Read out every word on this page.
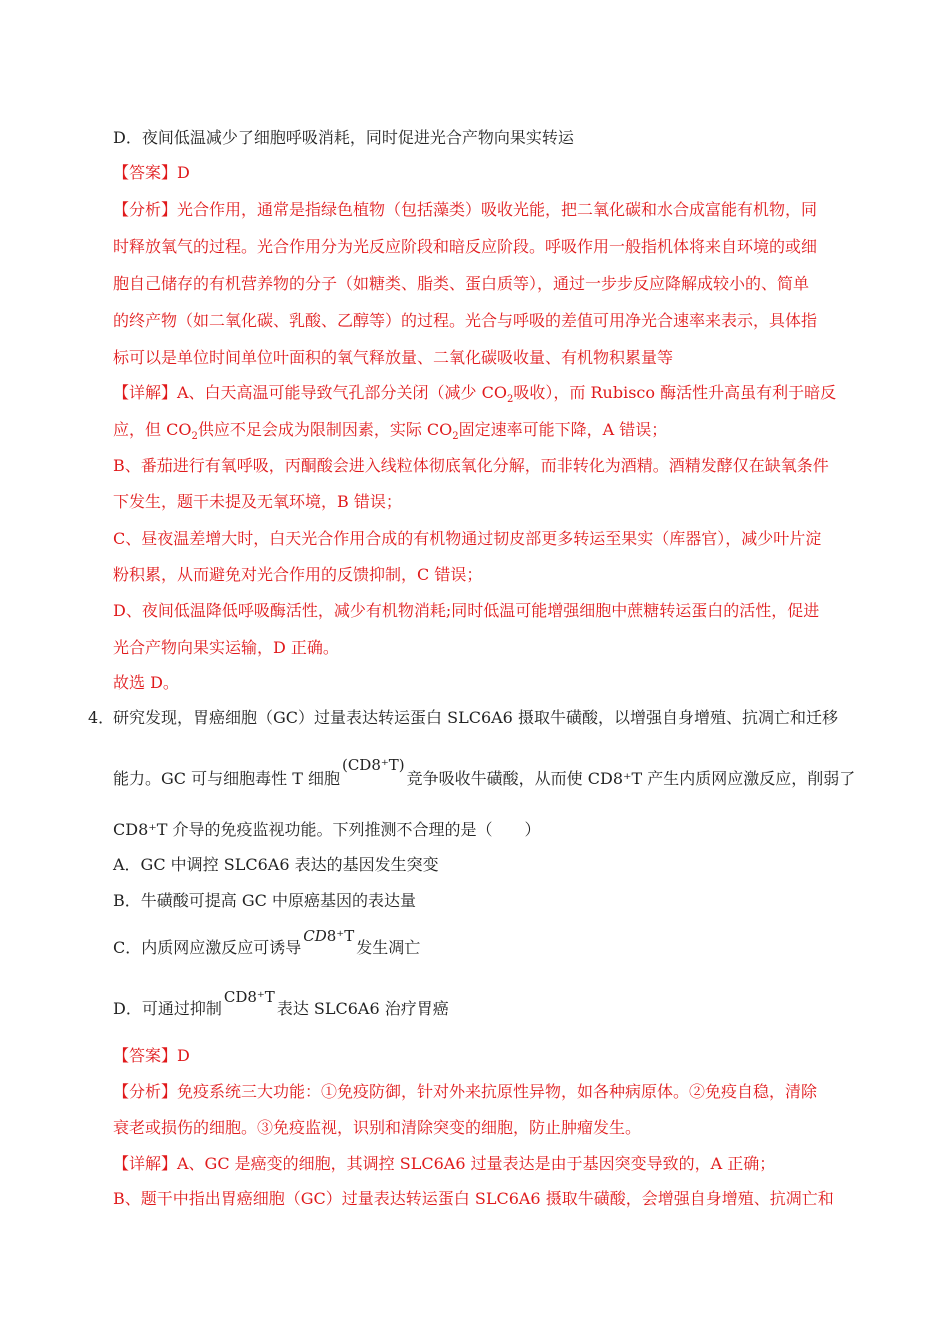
D．夜间低温减少了细胞呼吸消耗，同时促进光合产物向果实转运
【答案】D
【分析】光合作用，通常是指绿色植物（包括藻类）吸收光能，把二氧化碳和水合成富能有机物，同
时释放氧气的过程。光合作用分为光反应阶段和暗反应阶段。呼吸作用一般指机体将来自环境的或细
胞自己储存的有机营养物的分子（如糖类、脂类、蛋白质等），通过一步步反应降解成较小的、简单
的终产物（如二氧化碳、乳酸、乙醇等）的过程。光合与呼吸的差值可用净光合速率来表示，具体指
标可以是单位时间单位叶面积的氧气释放量、二氧化碳吸收量、有机物积累量等
【详解】A、白天高温可能导致气孔部分关闭（减少 $CO_2$吸收），而 Rubisco 酶活性升高虽有利于暗反
应，但 $CO_2$供应不足会成为限制因素，实际 $CO_2$固定速率可能下降，A 错误；
B、番茄进行有氧呼吸，丙酮酸会进入线粒体彻底氧化分解，而非转化为酒精。酒精发酵仅在缺氧条件
下发生，题干未提及无氧环境，B 错误；
C、昼夜温差增大时，白天光合作用合成的有机物通过韧皮部更多转运至果实（库器官），减少叶片淀
粉积累，从而避免对光合作用的反馈抑制，C 错误；
D、夜间低温降低呼吸酶活性，减少有机物消耗;同时低温可能增强细胞中蔗糖转运蛋白的活性，促进
光合产物向果实运输，D 正确。
故选 D。
4．
研究发现，胃癌细胞（GC）过量表达转运蛋白 SLC6A6 摄取牛磺酸，以增强自身增殖、抗凋亡和迁移
能力。GC 可与细胞毒性 T 细胞(CD8⁺T)竞争吸收牛磺酸，从而使 CD8⁺T 产生内质网应激反应，削弱了
CD8⁺T 介导的免疫监视功能。下列推测不合理的是（　　）
A．GC 中调控 SLC6A6 表达的基因发生突变
B．牛磺酸可提高 GC 中原癌基因的表达量
C．内质网应激反应可诱导CD8⁺T发生凋亡
D．可通过抑制CD8⁺T表达 SLC6A6 治疗胃癌
【答案】D
【分析】免疫系统三大功能：①免疫防御，针对外来抗原性异物，如各种病原体。②免疫自稳，清除
衰老或损伤的细胞。③免疫监视，识别和清除突变的细胞，防止肿瘤发生。
【详解】A、GC 是癌变的细胞，其调控 SLC6A6 过量表达是由于基因突变导致的，A 正确；
B、题干中指出胃癌细胞（GC）过量表达转运蛋白 SLC6A6 摄取牛磺酸，会增强自身增殖、抗凋亡和
